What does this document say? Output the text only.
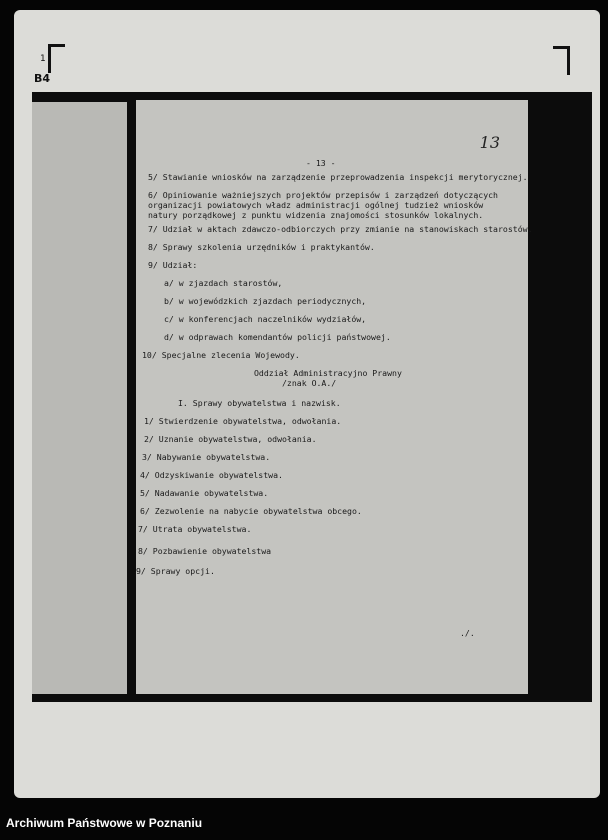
1
B4
13
- 13 -
5/ Stawianie wniosków na zarządzenie przeprowadzenia inspekcji merytorycznej.
6/ Opiniowanie ważniejszych projektów przepisów i zarządzeń dotyczących organizacji powiatowych władz administracji ogólnej tudzież wniosków natury porządkowej z punktu widzenia znajomości stosunków lokalnych.
7/ Udział w aktach zdawczo-odbiorczych przy zmianie na stanowiskach starostów.
8/ Sprawy szkolenia urzędników i praktykantów.
9/ Udział:
a/ w zjazdach starostów,
b/ w wojewódzkich zjazdach periodycznych,
c/ w konferencjach naczelników wydziałów,
d/ w odprawach komendantów policji państwowej.
10/ Specjalne zlecenia Wojewody.
Oddział Administracyjno Prawny
/znak O.A./
I. Sprawy obywatelstwa i nazwisk.
1/ Stwierdzenie obywatelstwa, odwołania.
2/ Uznanie obywatelstwa, odwołania.
3/ Nabywanie obywatelstwa.
4/ Odzyskiwanie obywatelstwa.
5/ Nadawanie obywatelstwa.
6/ Zezwolenie na nabycie obywatelstwa obcego.
7/ Utrata obywatelstwa.
8/ Pozbawienie obywatelstwa
9/ Sprawy opcji.
./.
Archiwum Państwowe w Poznaniu
